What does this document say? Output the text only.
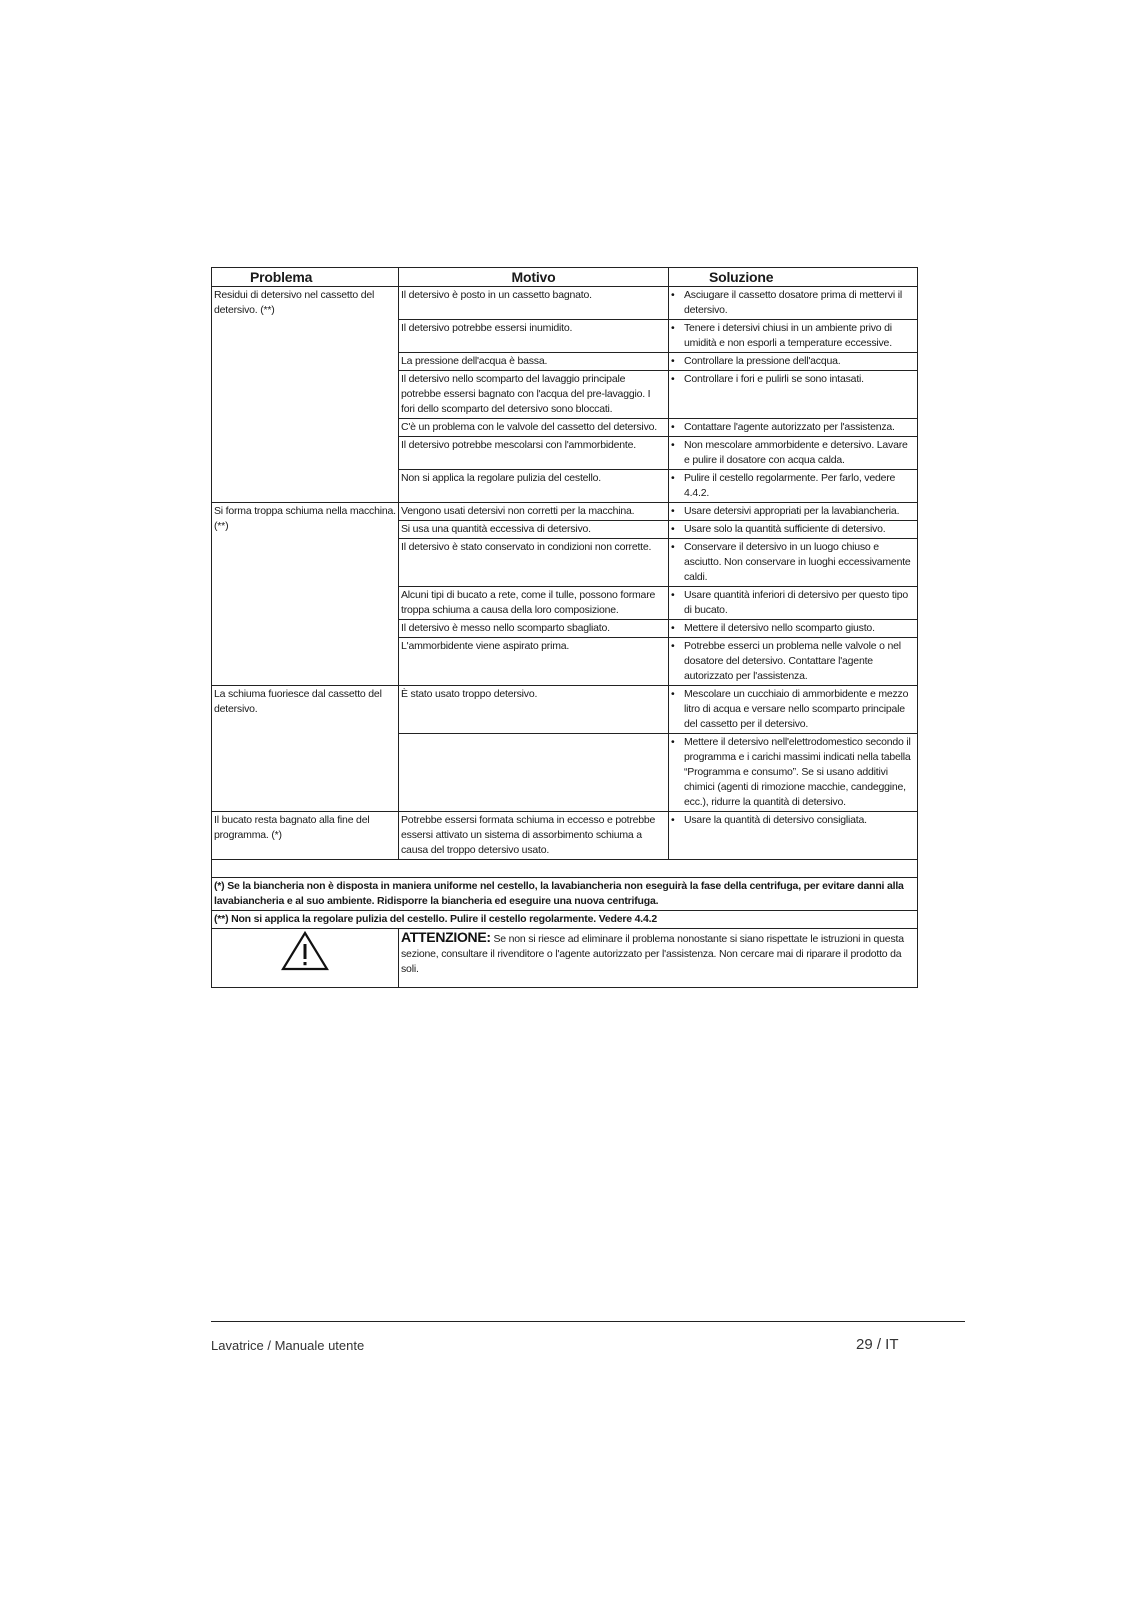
Problema	Motivo	Soluzione
Residui di detersivo nel cassetto del detersivo. (**)	Il detersivo è posto in un cassetto bagnato.	• Asciugare il cassetto dosatore prima di mettervi il detersivo.

	Il detersivo potrebbe essersi inumidito.	• Tenere i detersivi chiusi in un ambiente privo di umidità e non esporli a temperature eccessive.

	La pressione dell'acqua è bassa.	• Controllare la pressione dell'acqua.

	Il detersivo nello scomparto del lavaggio principale potrebbe essersi bagnato con l'acqua del pre-lavaggio. I fori dello scomparto del detersivo sono bloccati.	• Controllare i fori e pulirli se sono intasati.

	C'è un problema con le valvole del cassetto del detersivo.	• Contattare l'agente autorizzato per l'assistenza.

	Il detersivo potrebbe mescolarsi con l'ammorbidente.	• Non mescolare ammorbidente e detersivo. Lavare e pulire il dosatore con acqua calda.

	Non si applica la regolare pulizia del cestello.	• Pulire il cestello regolarmente. Per farlo, vedere 4.4.2.

Si forma troppa schiuma nella macchina. (**)	Vengono usati detersivi non corretti per la macchina.	• Usare detersivi appropriati per la lavabiancheria.

	Si usa una quantità eccessiva di detersivo.	• Usare solo la quantità sufficiente di detersivo.

	Il detersivo è stato conservato in condizioni non corrette.	• Conservare il detersivo in un luogo chiuso e asciutto. Non conservare in luoghi eccessivamente caldi.

	Alcuni tipi di bucato a rete, come il tulle, possono formare troppa schiuma a causa della loro composizione.	• Usare quantità inferiori di detersivo per questo tipo di bucato.

	Il detersivo è messo nello scomparto sbagliato.	• Mettere il detersivo nello scomparto giusto.

	L'ammorbidente viene aspirato prima.	• Potrebbe esserci un problema nelle valvole o nel dosatore del detersivo. Contattare l'agente autorizzato per l'assistenza.

La schiuma fuoriesce dal cassetto del detersivo.	È stato usato troppo detersivo.	• Mescolare un cucchiaio di ammorbidente e mezzo litro di acqua e versare nello scomparto principale del cassetto per il detersivo.

		• Mettere il detersivo nell'elettrodomestico secondo il programma e i carichi massimi indicati nella tabella “Programma e consumo”. Se si usano additivi chimici (agenti di rimozione macchie, candeggine, ecc.), ridurre la quantità di detersivo.

Il bucato resta bagnato alla fine del programma. (*)	Potrebbe essersi formata schiuma in eccesso e potrebbe essersi attivato un sistema di assorbimento schiuma a causa del troppo detersivo usato.	• Usare la quantità di detersivo consigliata.

(*) Se la biancheria non è disposta in maniera uniforme nel cestello, la lavabiancheria non eseguirà la fase della centrifuga, per evitare danni alla lavabiancheria e al suo ambiente. Ridisporre la biancheria ed eseguire una nuova centrifuga.		
(**) Non si applica la regolare pulizia del cestello. Pulire il cestello regolarmente. Vedere 4.4.2		
	ATTENZIONE: Se non si riesce ad eliminare il problema nonostante si siano rispettate le istruzioni in questa sezione, consultare il rivenditore o l'agente autorizzato per l'assistenza. Non cercare mai di riparare il prodotto da soli.	
Lavatrice / Manuale utente	29 / IT
